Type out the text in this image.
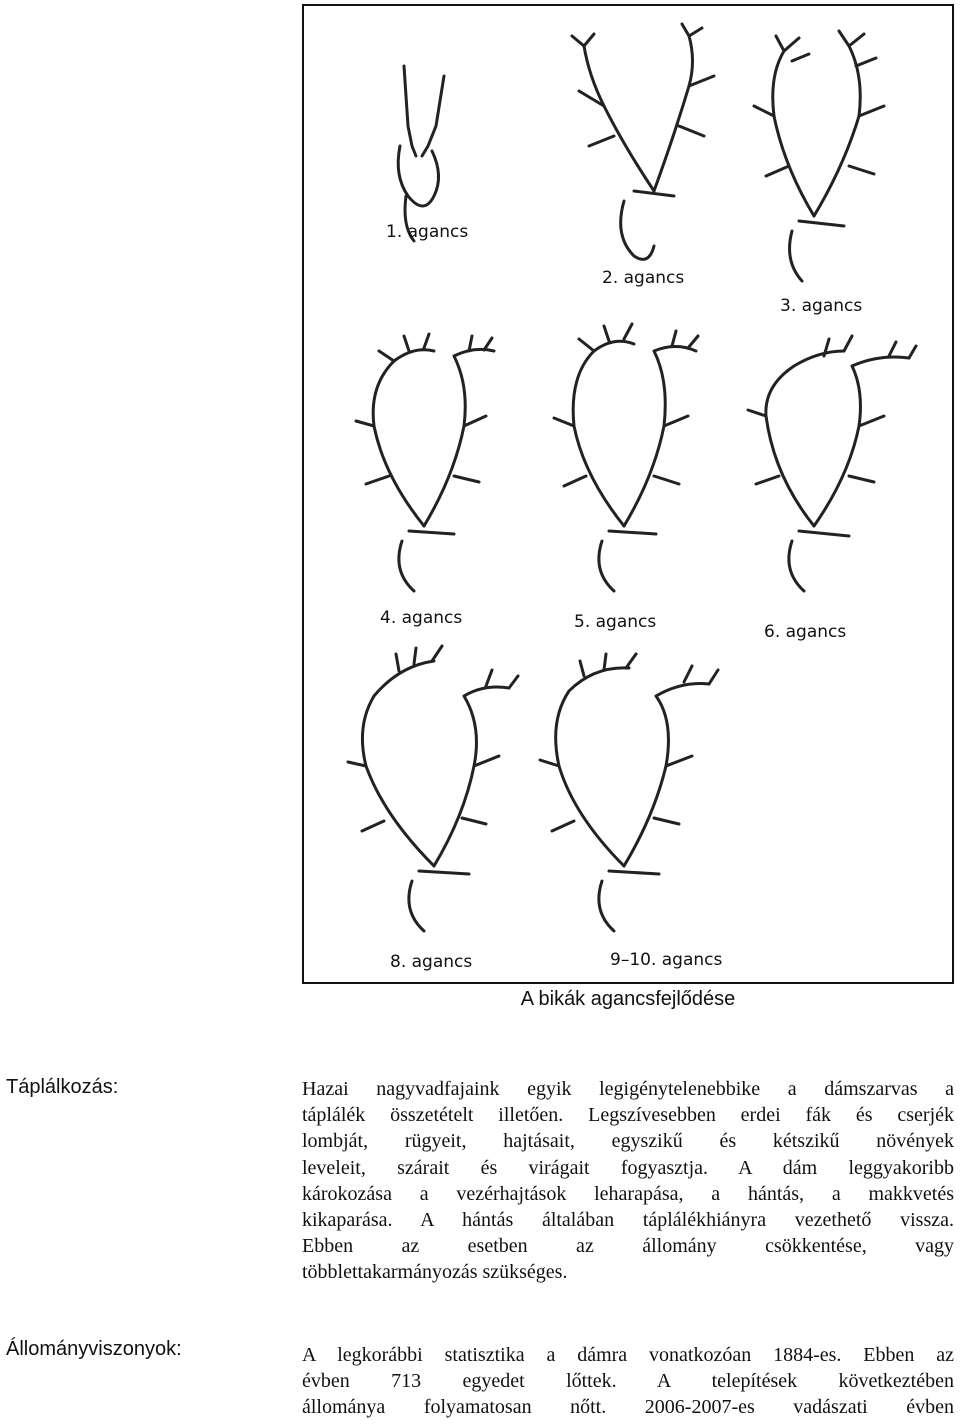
1. agancs
2. agancs
3. agancs
4. agancs	5. agancs	6. agancs
8. agancs	9–10. agancs
A bikák agancsfejlődése
Táplálkozás:	Hazai nagyvadfajaink egyik legigénytelenebbike a dámszarvas a
táplálék összetételt illetően. Legszívesebben erdei fák és cserjék
lombját, rügyeit, hajtásait, egyszikű és kétszikű növények
leveleit, szárait és virágait fogyasztja. A dám leggyakoribb
károkozása a vezérhajtások leharapása, a hántás, a makkvetés
kikaparása. A hántás általában táplálékhiányra vezethető vissza.
Ebben az esetben az állomány csökkentése, vagy
többlettakarmányozás szükséges.
Állományviszonyok:	A legkorábbi statisztika a dámra vonatkozóan 1884-es. Ebben az
évben 713 egyedet lőttek. A telepítések következtében
állománya folyamatosan nőtt. 2006-2007-es vadászati évben
